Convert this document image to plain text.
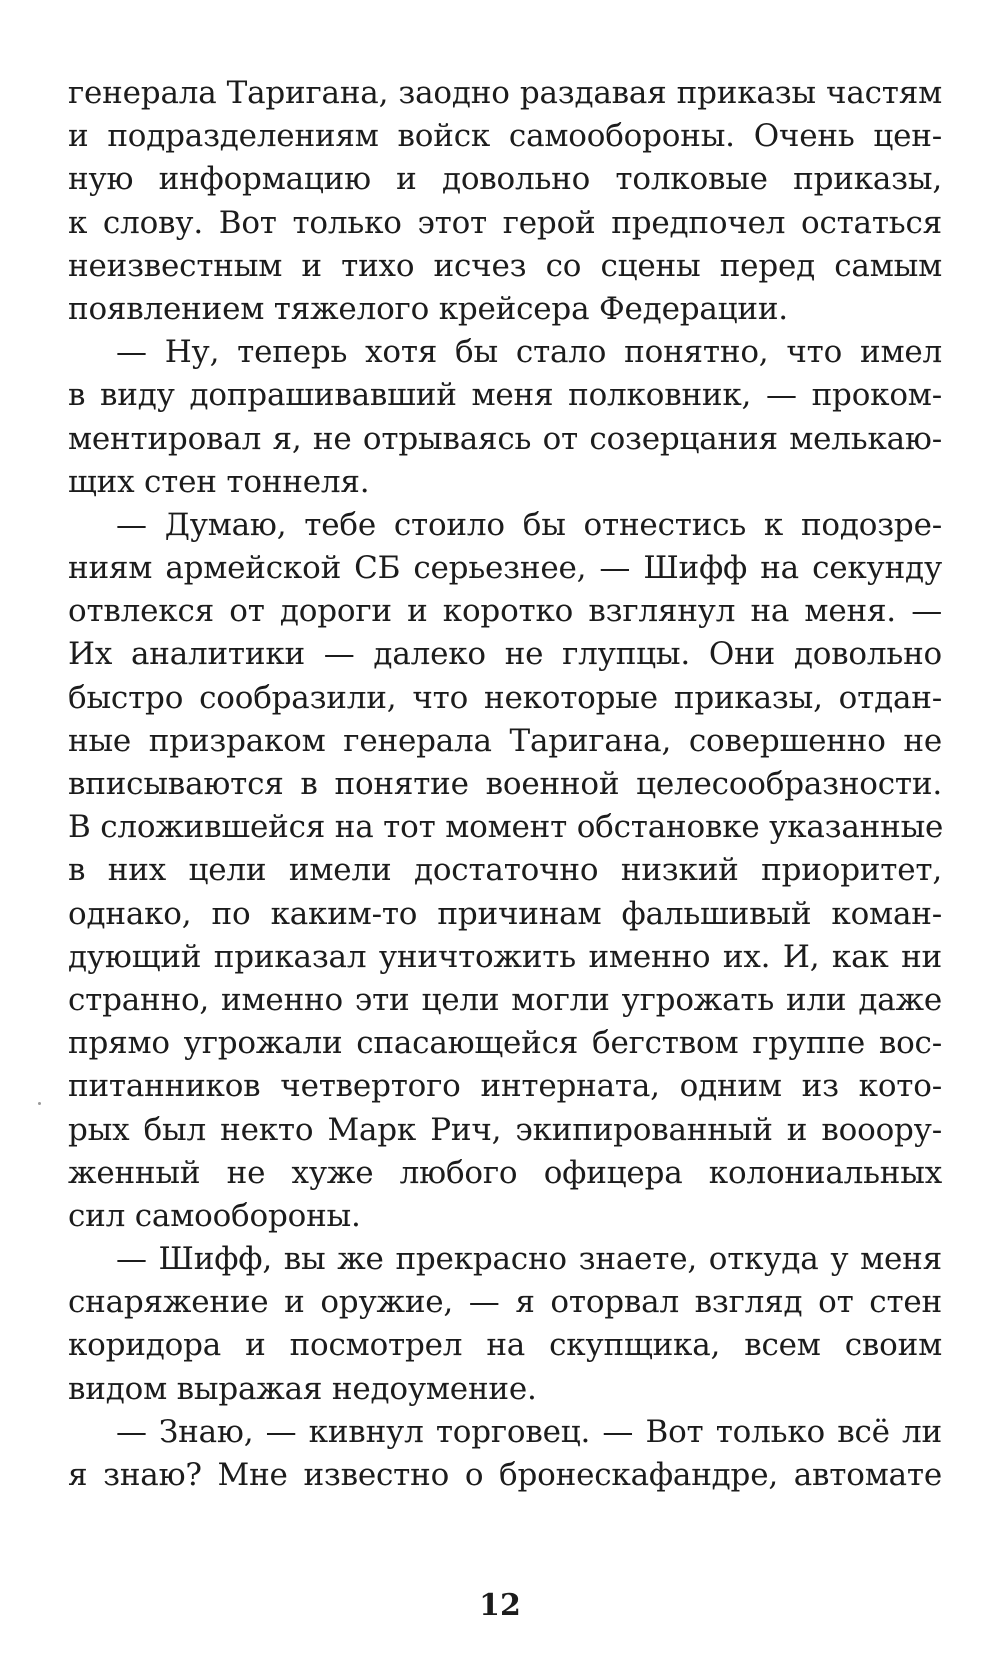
генерала Таригана, заодно раздавая приказы частям
и подразделениям войск самообороны. Очень цен-
ную информацию и довольно толковые приказы,
к слову. Вот только этот герой предпочел остаться
неизвестным и тихо исчез со сцены перед самым
появлением тяжелого крейсера Федерации.
— Ну, теперь хотя бы стало понятно, что имел
в виду допрашивавший меня полковник, — проком-
ментировал я, не отрываясь от созерцания мелькаю-
щих стен тоннеля.
— Думаю, тебе стоило бы отнестись к подозре-
ниям армейской СБ серьезнее, — Шифф на секунду
отвлекся от дороги и коротко взглянул на меня. —
Их аналитики — далеко не глупцы. Они довольно
быстро сообразили, что некоторые приказы, отдан-
ные призраком генерала Таригана, совершенно не
вписываются в понятие военной целесообразности.
В сложившейся на тот момент обстановке указанные
в них цели имели достаточно низкий приоритет,
однако, по каким-то причинам фальшивый коман-
дующий приказал уничтожить именно их. И, как ни
странно, именно эти цели могли угрожать или даже
прямо угрожали спасающейся бегством группе вос-
питанников четвертого интерната, одним из кото-
рых был некто Марк Рич, экипированный и вооору-
женный не хуже любого офицера колониальных
сил самообороны.
— Шифф, вы же прекрасно знаете, откуда у меня
снаряжение и оружие, — я оторвал взгляд от стен
коридора и посмотрел на скупщика, всем своим
видом выражая недоумение.
— Знаю, — кивнул торговец. — Вот только всё ли
я знаю? Мне известно о бронескафандре, автомате
12
